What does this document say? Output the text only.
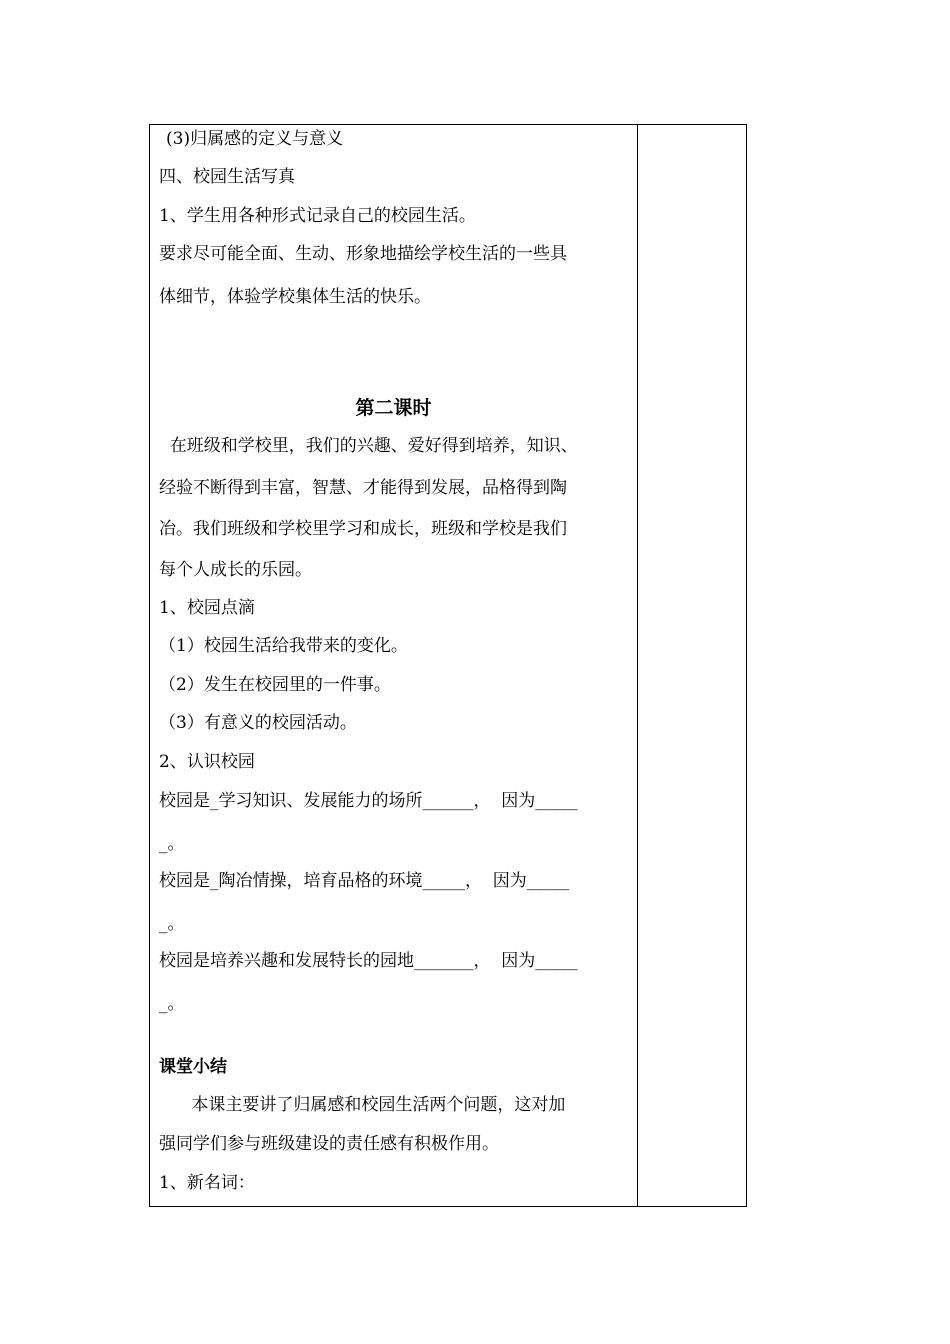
(3)归属感的定义与意义
四、校园生活写真
1、学生用各种形式记录自己的校园生活。
要求尽可能全面、生动、形象地描绘学校生活的一些具
体细节，体验学校集体生活的快乐。
第二课时
在班级和学校里，我们的兴趣、爱好得到培养，知识、
经验不断得到丰富，智慧、才能得到发展，品格得到陶
冶。我们班级和学校里学习和成长，班级和学校是我们
每个人成长的乐园。
1、校园点滴
（1）校园生活给我带来的变化。
（2）发生在校园里的一件事。
（3）有意义的校园活动。
2、认识校园
校园是_学习知识、发展能力的场所______，  因为_____
_。
校园是_陶冶情操，培育品格的环境_____，  因为_____
_。
校园是培养兴趣和发展特长的园地_______，  因为_____
_。
课堂小结
本课主要讲了归属感和校园生活两个问题，这对加
强同学们参与班级建设的责任感有积极作用。
1、新名词：
